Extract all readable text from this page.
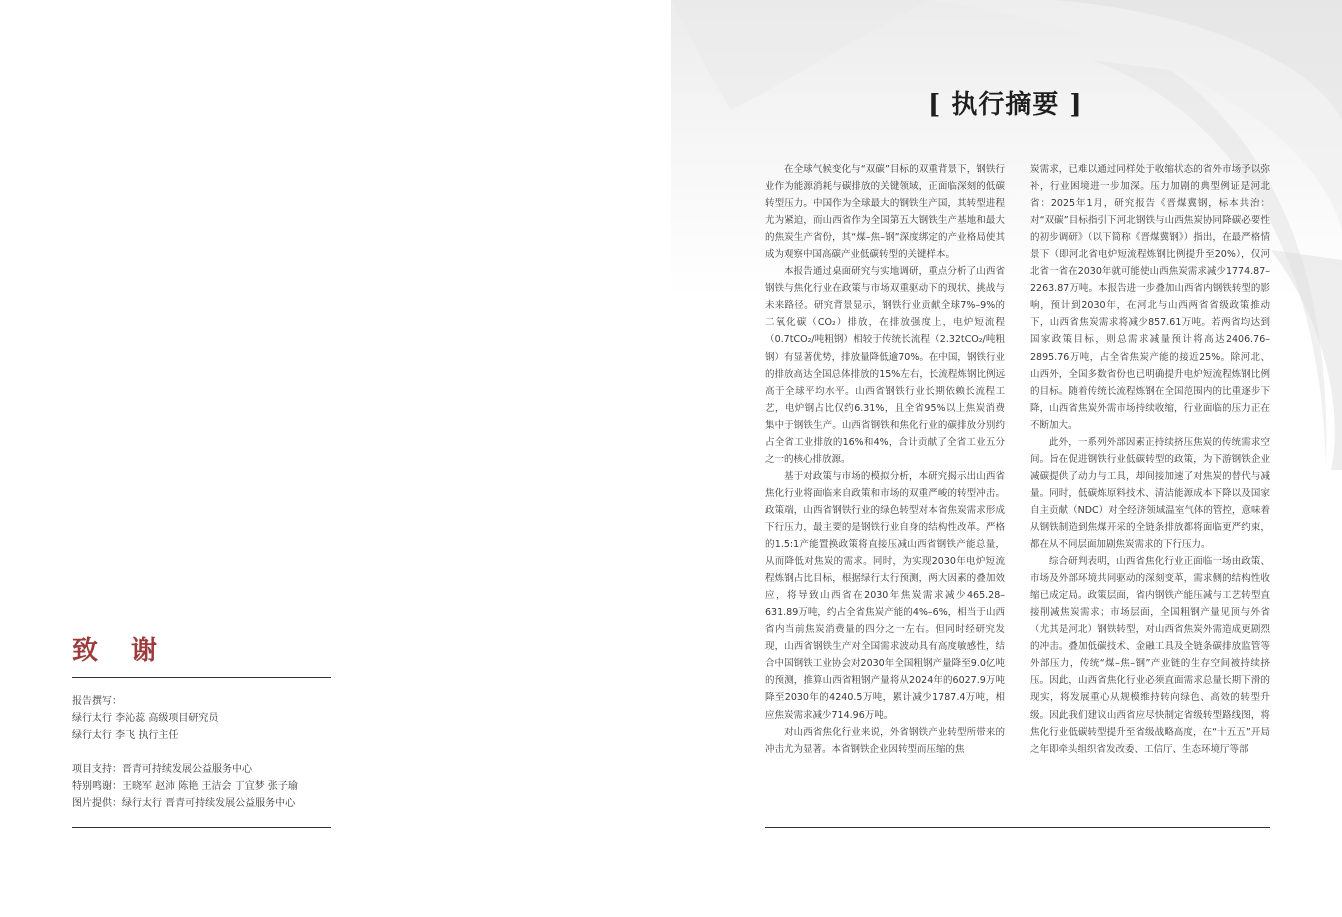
致 谢
报告撰写：
绿行太行 李沁蕊 高级项目研究员
绿行太行 李飞 执行主任
项目支持：晋青可持续发展公益服务中心
特别鸣谢：王晓军 赵沛 陈艳 王洁会 丁宜梦 张子瑜
图片提供：绿行太行 晋青可持续发展公益服务中心
[ 执行摘要 ]

在全球气候变化与“双碳”目标的双重背景下，钢铁行业作为能源消耗与碳排放的关键领域，正面临深刻的低碳转型压力。中国作为全球最大的钢铁生产国，其转型进程尤为紧迫，而山西省作为全国第五大钢铁生产基地和最大的焦炭生产省份，其“煤–焦–钢”深度绑定的产业格局使其成为观察中国高碳产业低碳转型的关键样本。

本报告通过桌面研究与实地调研，重点分析了山西省钢铁与焦化行业在政策与市场双重驱动下的现状、挑战与未来路径。研究背景显示，钢铁行业贡献全球7%–9%的二氧化碳（CO₂）排放，在排放强度上，电炉短流程（0.7tCO₂/吨粗钢）相较于传统长流程（2.32tCO₂/吨粗钢）有显著优势，排放量降低逾70%。在中国，钢铁行业的排放高达全国总体排放的15%左右，长流程炼钢比例远高于全球平均水平。山西省钢铁行业长期依赖长流程工艺，电炉钢占比仅约6.31%，且全省95%以上焦炭消费集中于钢铁生产。山西省钢铁和焦化行业的碳排放分别约占全省工业排放的16%和4%，合计贡献了全省工业五分之一的核心排放源。

基于对政策与市场的模拟分析，本研究揭示出山西省焦化行业将面临来自政策和市场的双重严峻的转型冲击。政策端，山西省钢铁行业的绿色转型对本省焦炭需求形成下行压力，最主要的是钢铁行业自身的结构性改革。严格的1.5:1产能置换政策将直接压减山西省钢铁产能总量，从而降低对焦炭的需求。同时，为实现2030年电炉短流程炼钢占比目标，根据绿行太行预测，两大因素的叠加效应，将导致山西省在2030年焦炭需求减少465.28–631.89万吨，约占全省焦炭产能的4%–6%，相当于山西省内当前焦炭消费量的四分之一左右。但同时经研究发现，山西省钢铁生产对全国需求波动具有高度敏感性，结合中国钢铁工业协会对2030年全国粗钢产量降至9.0亿吨的预测，推算山西省粗钢产量将从2024年的6027.9万吨降至2030年的4240.5万吨，累计减少1787.4万吨，相应焦炭需求减少714.96万吨。

对山西省焦化行业来说，外省钢铁产业转型所带来的冲击尤为显著。本省钢铁企业因转型而压缩的焦

炭需求，已难以通过同样处于收缩状态的省外市场予以弥补，行业困境进一步加深。压力加剧的典型例证是河北省：2025年1月，研究报告《晋煤冀钢，标本共治：对“双碳”目标指引下河北钢铁与山西焦炭协同降碳必要性的初步调研》（以下简称《晋煤冀钢》）指出，在最严格情景下（即河北省电炉短流程炼钢比例提升至20%），仅河北省一省在2030年就可能使山西焦炭需求减少1774.87–2263.87万吨。本报告进一步叠加山西省内钢铁转型的影响，预计到2030年，在河北与山西两省省级政策推动下，山西省焦炭需求将减少857.61万吨。若两省均达到国家政策目标，则总需求减量预计将高达2406.76–2895.76万吨，占全省焦炭产能的接近25%。除河北、山西外，全国多数省份也已明确提升电炉短流程炼钢比例的目标。随着传统长流程炼钢在全国范围内的比重逐步下降，山西省焦炭外需市场持续收缩，行业面临的压力正在不断加大。

此外，一系列外部因素正持续挤压焦炭的传统需求空间。旨在促进钢铁行业低碳转型的政策，为下游钢铁企业减碳提供了动力与工具，却间接加速了对焦炭的替代与减量。同时，低碳炼原料技术、清洁能源成本下降以及国家自主贡献（NDC）对全经济领域温室气体的管控，意味着从钢铁制造到焦煤开采的全链条排放都将面临更严约束，都在从不同层面加剧焦炭需求的下行压力。

综合研判表明，山西省焦化行业正面临一场由政策、市场及外部环境共同驱动的深刻变革，需求侧的结构性收缩已成定局。政策层面，省内钢铁产能压减与工艺转型直接削减焦炭需求；市场层面，全国粗钢产量见顶与外省（尤其是河北）钢铁转型，对山西省焦炭外需造成更剧烈的冲击。叠加低碳技术、金融工具及全链条碳排放监管等外部压力，传统“煤–焦–钢”产业链的生存空间被持续挤压。因此，山西省焦化行业必须直面需求总量长期下滑的现实，将发展重心从规模维持转向绿色、高效的转型升级。因此我们建议山西省应尽快制定省级转型路线图，将焦化行业低碳转型提升至省级战略高度，在“十五五”开局之年即牵头组织省发改委、工信厅、生态环境厅等部
